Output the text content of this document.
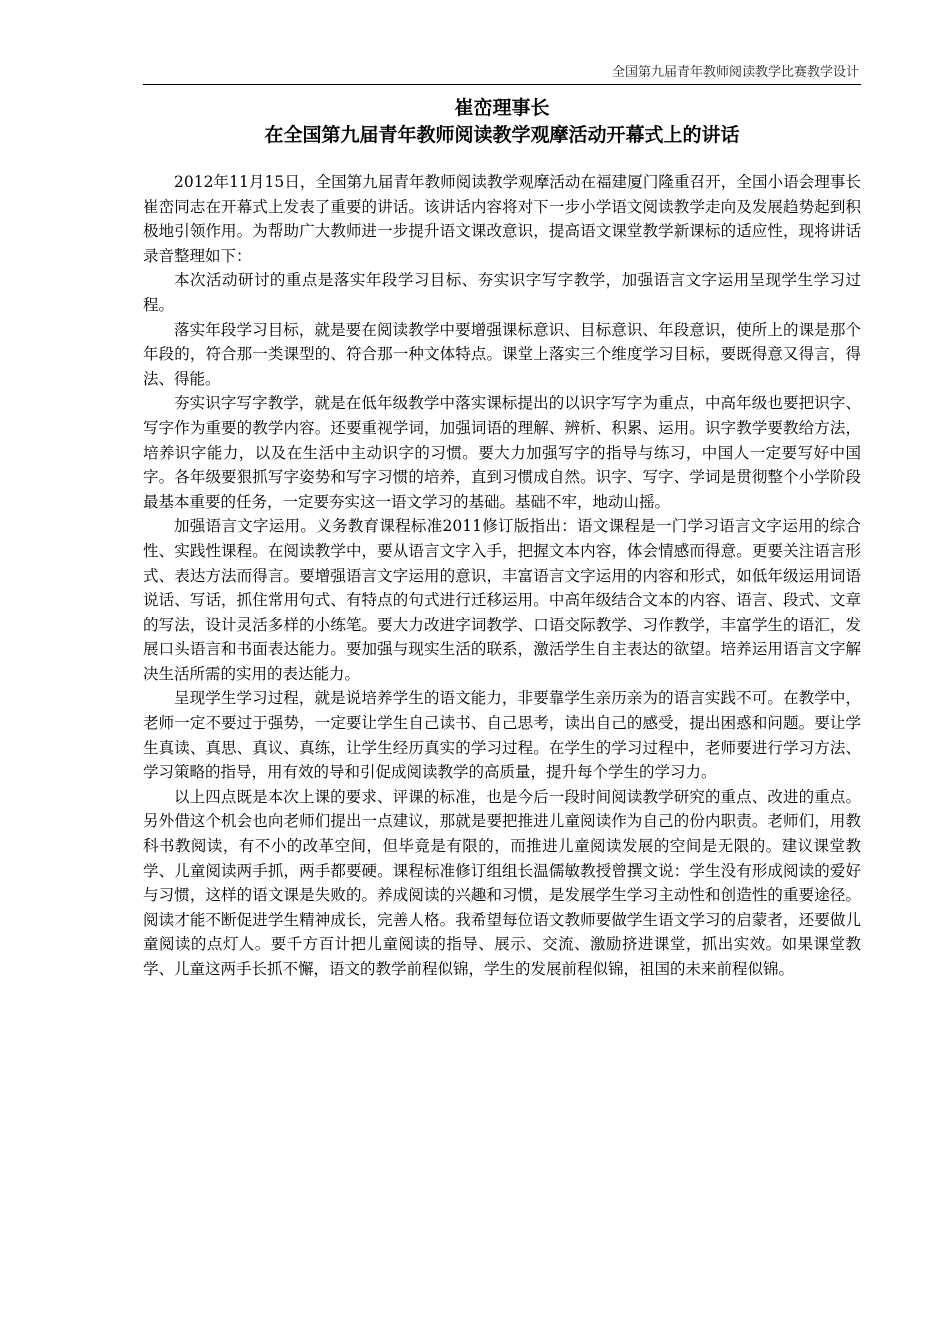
全国第九届青年教师阅读教学比赛教学设计
崔峦理事长
在全国第九届青年教师阅读教学观摩活动开幕式上的讲话

2012年11月15日，全国第九届青年教师阅读教学观摩活动在福建厦门隆重召开，全国小语会理事长崔峦同志在开幕式上发表了重要的讲话。该讲话内容将对下一步小学语文阅读教学走向及发展趋势起到积极地引领作用。为帮助广大教师进一步提升语文课改意识，提高语文课堂教学新课标的适应性，现将讲话录音整理如下：

本次活动研讨的重点是落实年段学习目标、夯实识字写字教学，加强语言文字运用呈现学生学习过程。

落实年段学习目标，就是要在阅读教学中要增强课标意识、目标意识、年段意识，使所上的课是那个年段的，符合那一类课型的、符合那一种文体特点。课堂上落实三个维度学习目标，要既得意又得言，得法、得能。

夯实识字写字教学，就是在低年级教学中落实课标提出的以识字写字为重点，中高年级也要把识字、写字作为重要的教学内容。还要重视学词，加强词语的理解、辨析、积累、运用。识字教学要教给方法，培养识字能力，以及在生活中主动识字的习惯。要大力加强写字的指导与练习，中国人一定要写好中国字。各年级要狠抓写字姿势和写字习惯的培养，直到习惯成自然。识字、写字、学词是贯彻整个小学阶段最基本重要的任务，一定要夯实这一语文学习的基础。基础不牢，地动山摇。

加强语言文字运用。义务教育课程标准2011修订版指出：语文课程是一门学习语言文字运用的综合性、实践性课程。在阅读教学中，要从语言文字入手，把握文本内容，体会情感而得意。更要关注语言形式、表达方法而得言。要增强语言文字运用的意识，丰富语言文字运用的内容和形式，如低年级运用词语说话、写话，抓住常用句式、有特点的句式进行迁移运用。中高年级结合文本的内容、语言、段式、文章的写法，设计灵活多样的小练笔。要大力改进字词教学、口语交际教学、习作教学，丰富学生的语汇，发展口头语言和书面表达能力。要加强与现实生活的联系，激活学生自主表达的欲望。培养运用语言文字解决生活所需的实用的表达能力。

呈现学生学习过程，就是说培养学生的语文能力，非要靠学生亲历亲为的语言实践不可。在教学中，老师一定不要过于强势，一定要让学生自己读书、自己思考，读出自己的感受，提出困惑和问题。要让学生真读、真思、真议、真练，让学生经历真实的学习过程。在学生的学习过程中，老师要进行学习方法、学习策略的指导，用有效的导和引促成阅读教学的高质量，提升每个学生的学习力。

以上四点既是本次上课的要求、评课的标准，也是今后一段时间阅读教学研究的重点、改进的重点。另外借这个机会也向老师们提出一点建议，那就是要把推进儿童阅读作为自己的份内职责。老师们，用教科书教阅读，有不小的改革空间，但毕竟是有限的，而推进儿童阅读发展的空间是无限的。建议课堂教学、儿童阅读两手抓，两手都要硬。课程标准修订组组长温儒敏教授曾撰文说：学生没有形成阅读的爱好与习惯，这样的语文课是失败的。养成阅读的兴趣和习惯，是发展学生学习主动性和创造性的重要途径。阅读才能不断促进学生精神成长，完善人格。我希望每位语文教师要做学生语文学习的启蒙者，还要做儿童阅读的点灯人。要千方百计把儿童阅读的指导、展示、交流、激励挤进课堂，抓出实效。如果课堂教学、儿童这两手长抓不懈，语文的教学前程似锦，学生的发展前程似锦，祖国的未来前程似锦。
